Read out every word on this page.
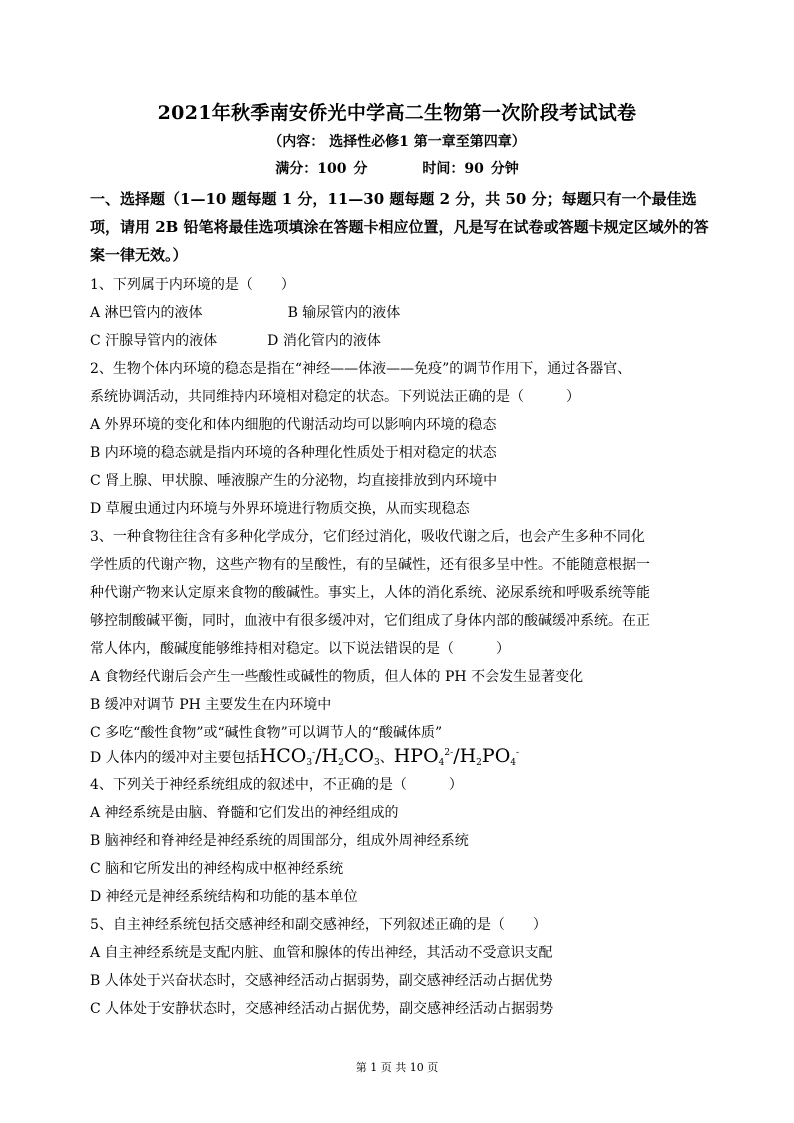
2021年秋季南安侨光中学高二生物第一次阶段考试试卷
（内容： 选择性必修1 第一章至第四章）
满分：100 分	时间：90 分钟
一、选择题（1—10 题每题 1 分，11—30 题每题 2 分，共 50 分；每题只有一个最佳选项，请用 2B 铅笔将最佳选项填涂在答题卡相应位置，凡是写在试卷或答题卡规定区域外的答案一律无效。）
1、下列属于内环境的是（　　）
A 淋巴管内的液体	B 输尿管内的液体
C 汗腺导管内的液体	D 消化管内的液体
2、生物个体内环境的稳态是指在“神经——体液——免疫”的调节作用下，通过各器官、
系统协调活动，共同维持内环境相对稳定的状态。下列说法正确的是（　　　）
A 外界环境的变化和体内细胞的代谢活动均可以影响内环境的稳态
B 内环境的稳态就是指内环境的各种理化性质处于相对稳定的状态
C 肾上腺、甲状腺、唾液腺产生的分泌物，均直接排放到内环境中
D 草履虫通过内环境与外界环境进行物质交换，从而实现稳态
3、一种食物往往含有多种化学成分，它们经过消化，吸收代谢之后，也会产生多种不同化
学性质的代谢产物，这些产物有的呈酸性，有的呈碱性，还有很多呈中性。不能随意根据一
种代谢产物来认定原来食物的酸碱性。事实上，人体的消化系统、泌尿系统和呼吸系统等能
够控制酸碱平衡，同时，血液中有很多缓冲对，它们组成了身体内部的酸碱缓冲系统。在正
常人体内，酸碱度能够维持相对稳定。以下说法错误的是（　　　）
A 食物经代谢后会产生一些酸性或碱性的物质，但人体的 PH 不会发生显著变化
B 缓冲对调节 PH 主要发生在内环境中
C 多吃“酸性食物”或“碱性食物”可以调节人的“酸碱体质”
D 人体内的缓冲对主要包括$HCO_3^-/H_2CO_3$、$HPO_4^{2-}/H_2PO_4^-$
4、下列关于神经系统组成的叙述中，不正确的是（　　　）
A 神经系统是由脑、脊髓和它们发出的神经组成的
B 脑神经和脊神经是神经系统的周围部分，组成外周神经系统
C 脑和它所发出的神经构成中枢神经系统
D 神经元是神经系统结构和功能的基本单位
5、自主神经系统包括交感神经和副交感神经，下列叙述正确的是（　　）
A 自主神经系统是支配内脏、血管和腺体的传出神经，其活动不受意识支配
B 人体处于兴奋状态时，交感神经活动占据弱势，副交感神经活动占据优势
C 人体处于安静状态时，交感神经活动占据优势，副交感神经活动占据弱势
第 1 页 共 10 页
